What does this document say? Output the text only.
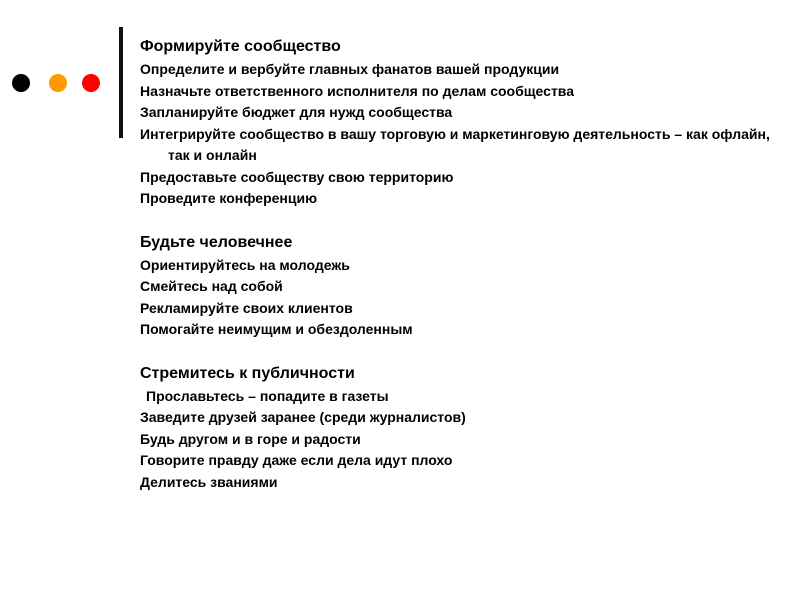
Формируйте сообщество
Определите и вербуйте главных фанатов вашей продукции
Назначьте ответственного исполнителя по делам сообщества
Запланируйте бюджет для нужд сообщества
Интегрируйте сообщество в вашу торговую и маркетинговую деятельность – как офлайн, так и онлайн
Предоставьте сообществу свою территорию
Проведите конференцию
Будьте человечнее
Ориентируйтесь на молодежь
Смейтесь над собой
Рекламируйте своих клиентов
Помогайте неимущим и обездоленным
Стремитесь к публичности
Прославьтесь – попадите в газеты
Заведите друзей заранее (среди журналистов)
Будь другом и в горе и радости
Говорите правду даже если дела идут плохо
Делитесь званиями
